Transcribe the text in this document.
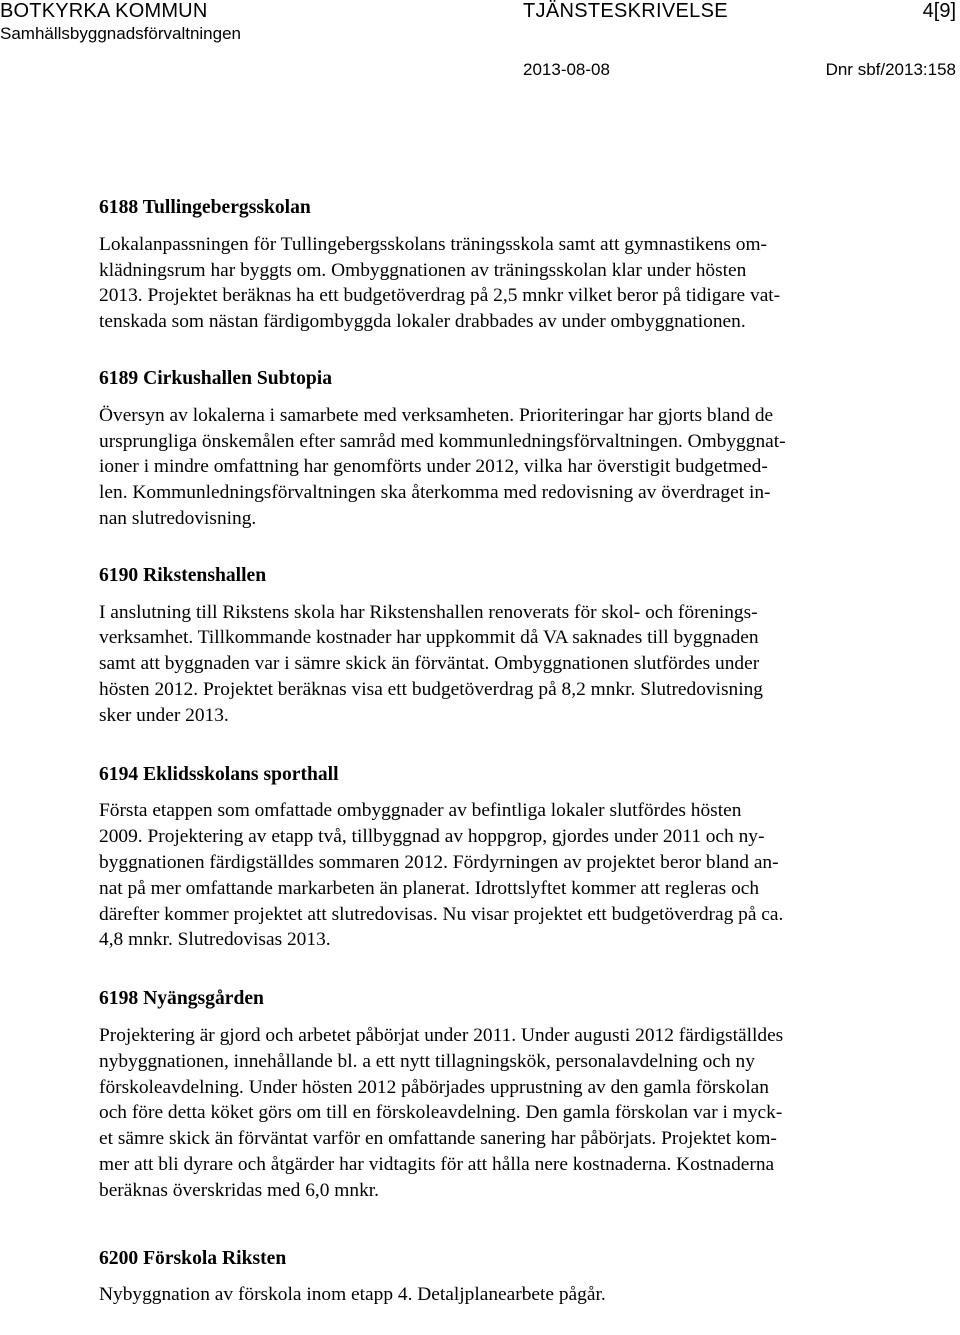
BOTKYRKA KOMMUN
Samhällsbyggnadsförvaltningen
TJÄNSTESKRIVELSE	4[9]
2013-08-08	Dnr sbf/2013:158
6188 Tullingebergsskolan

Lokalanpassningen för Tullingebergsskolans träningsskola samt att gymnastikens om-
klädningsrum har byggts om. Ombyggnationen av träningsskolan klar under hösten
2013. Projektet beräknas ha ett budgetöverdrag på 2,5 mnkr vilket beror på tidigare vat-
tenskada som nästan färdigombyggda lokaler drabbades av under ombyggnationen.

6189 Cirkushallen Subtopia

Översyn av lokalerna i samarbete med verksamheten. Prioriteringar har gjorts bland de
ursprungliga önskemålen efter samråd med kommunledningsförvaltningen. Ombyggnat-
ioner i mindre omfattning har genomförts under 2012, vilka har överstigit budgetmed-
len. Kommunledningsförvaltningen ska återkomma med redovisning av överdraget in-
nan slutredovisning.

6190 Rikstenshallen

I anslutning till Rikstens skola har Rikstenshallen renoverats för skol- och förenings-
verksamhet. Tillkommande kostnader har uppkommit då VA saknades till byggnaden
samt att byggnaden var i sämre skick än förväntat. Ombyggnationen slutfördes under
hösten 2012. Projektet beräknas visa ett budgetöverdrag på 8,2 mnkr. Slutredovisning
sker under 2013.

6194 Eklidsskolans sporthall

Första etappen som omfattade ombyggnader av befintliga lokaler slutfördes hösten
2009. Projektering av etapp två, tillbyggnad av hoppgrop, gjordes under 2011 och ny-
byggnationen färdigställdes sommaren 2012. Fördyrningen av projektet beror bland an-
nat på mer omfattande markarbeten än planerat. Idrottslyftet kommer att regleras och
därefter kommer projektet att slutredovisas. Nu visar projektet ett budgetöverdrag på ca.
4,8 mnkr. Slutredovisas 2013.

6198 Nyängsgården

Projektering är gjord och arbetet påbörjat under 2011. Under augusti 2012 färdigställdes
nybyggnationen, innehållande bl. a ett nytt tillagningskök, personalavdelning och ny
förskoleavdelning. Under hösten 2012 påbörjades upprustning av den gamla förskolan
och före detta köket görs om till en förskoleavdelning. Den gamla förskolan var i myck-
et sämre skick än förväntat varför en omfattande sanering har påbörjats. Projektet kom-
mer att bli dyrare och åtgärder har vidtagits för att hålla nere kostnaderna. Kostnaderna
beräknas överskridas med 6,0 mnkr.

6200 Förskola Riksten

Nybyggnation av förskola inom etapp 4. Detaljplanearbete pågår.
